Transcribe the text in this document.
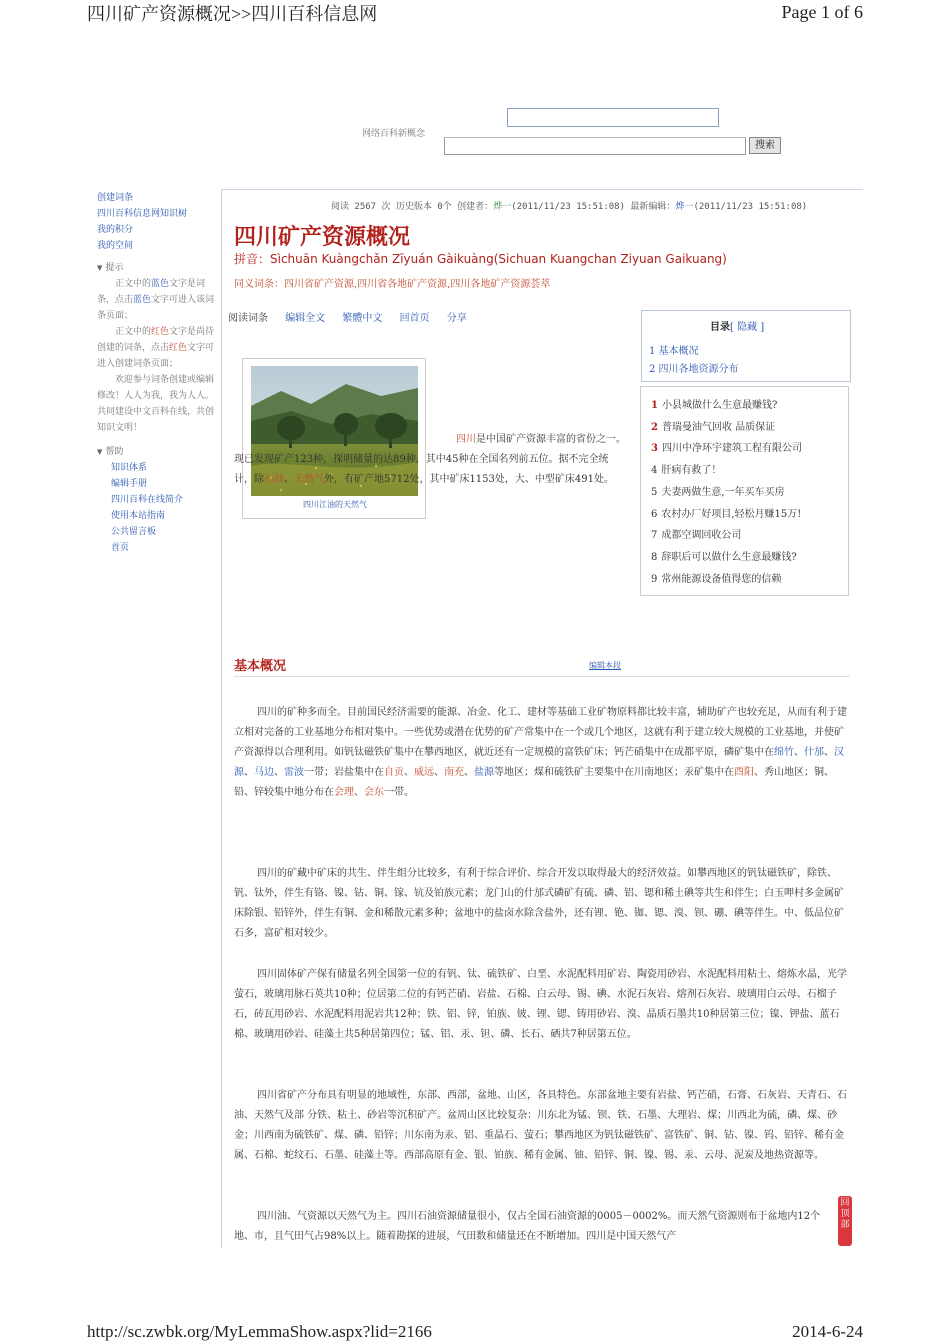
四川矿产资源概况>>四川百科信息网	Page 1 of 6
网络百科新概念
搜索
创建词条
四川百科信息网知识树
我的积分
我的空间
▼ 提示
正文中的蓝色文字是词条，点击蓝色文字可进入该词条页面；
正文中的红色文字是尚待创建的词条，点击红色文字可进入创建词条页面；
欢迎参与词条创建或编辑修改！人人为我，我为人人。共同建设中文百科在线，共创知识文明！
▼ 帮助
知识体系
编辑手册
四川百科在线简介
使用本站指南
公共留言板
首页
阅读 2567 次 历史版本 0个 创建者：烨一(2011/11/23 15:51:08) 最新编辑：烨一(2011/11/23 15:51:08)
四川矿产资源概况
拼音：Sìchuān Kuàngchǎn Zīyuán Gàikuàng(Sichuan Kuangchan Ziyuan Gaikuang)
同义词条：四川省矿产资源,四川省各地矿产资源,四川各地矿产资源荟萃
阅读词条 编辑全文 繁體中文 回首页 分享
目录[ 隐藏 ]
1 基本概况
2 四川各地资源分布
1 小县城做什么生意最赚钱?
2 普瑞曼油气回收 品质保证
3 四川中净环宇建筑工程有限公司
4 肝病有救了！
5 夫妻两做生意,一年买车买房
6 农村办厂好项目,轻松月赚15万!
7 成都空调回收公司
8 辞职后可以做什么生意最赚钱?
9 常州能源设备值得您的信赖
四川江油的天然气
四川是中国矿产资源丰富的省份之一。现已发现矿产123种，探明储量的达89种，其中45种在全国名列前五位。据不完全统计，除石油、天然气外，有矿产地5712处，其中矿床1153处，大、中型矿床491处。
基本概况	编辑本段
四川的矿种多而全。目前国民经济需要的能源、冶金、化工、建材等基础工业矿物原料都比较丰富，辅助矿产也较充足，从而有利于建立相对完备的工业基地分布相对集中。一些优势或潜在优势的矿产常集中在一个或几个地区，这就有利于建立较大规模的工业基地，并使矿产资源得以合理利用。如钒钛磁铁矿集中在攀西地区，就近还有一定规模的富铁矿床；钙芒硝集中在成都平原，磷矿集中在绵竹、什邡、汉源、马边、雷波一带；岩盐集中在自贡、威远、南充、盐源等地区；煤和硫铁矿主要集中在川南地区；汞矿集中在酉阳、秀山地区；铜、铅、锌较集中地分布在会理、会东一带。
四川的矿藏中矿床的共生、伴生组分比较多，有利于综合评价、综合开发以取得最大的经济效益。如攀西地区的钒钛磁铁矿，除铁、钒、钛外，伴生有铬、镍、钴、铜、镓、钪及铂族元素；龙门山的什邡式磷矿有硫、磷、铝、锶和稀土碘等共生和伴生；白玉呷村多金属矿床除银、铅锌外，伴生有铜、金和稀散元素多种；盆地中的盐卤水除含盐外，还有锂、铯、铷、锶、溴、钡、硼、碘等伴生。中、低品位矿石多，富矿相对较少。
四川固体矿产保有储量名列全国第一位的有钒、钛、硫铁矿、白垩、水泥配料用矿岩、陶瓷用砂岩、水泥配料用粘土、熔炼水晶，光学萤石，玻璃用脉石英共10种；位居第二位的有钙芒硝、岩盐、石棉、白云母、锡、碘、水泥石灰岩、熔剂石灰岩、玻璃用白云母、石榴子石，砖瓦用砂岩、水泥配料用泥岩共12种；铁、铝、锌，铂族、铍、锂、锶、铸用砂岩、溴、晶质石墨共10种居第三位；镍、钾盐、蓝石棉、玻璃用砂岩、硅藻土共5种居第四位；锰、铝、汞、钽、磷、长石、硒共7种居第五位。
四川省矿产分布具有明显的地域性，东部、西部，盆地、山区，各具特色。东部盆地主要有岩盐、钙芒硝，石膏、石灰岩、天青石、石油、天然气及部 分铁、粘土、砂岩等沉积矿产。盆周山区比较复杂：川东北为锰、钡、铁、石墨、大理岩、煤；川西北为硫，磷、煤、砂金；川西南为硫铁矿、煤、磷、铅锌；川东南为汞、铝、重晶石、萤石；攀西地区为钒钛磁铁矿、富铁矿、铜、钴、镍、钨、铅锌、稀有金属、石棉、蛇纹石、石墨、硅藻土等。西部高原有金、银、铂族、稀有金属、铀、铅锌、铜、镍、锡、汞、云母、泥炭及地热资源等。
四川油、气资源以天然气为主。四川石油资源储量很小，仅占全国石油资源的0005－0002%。而天然气资源则布于盆地内12个地、市，且气田气占98%以上。随着勘探的进展，气田数和储量还在不断增加。四川是中国天然气产
回顶部
http://sc.zwbk.org/MyLemmaShow.aspx?lid=2166	2014-6-24
